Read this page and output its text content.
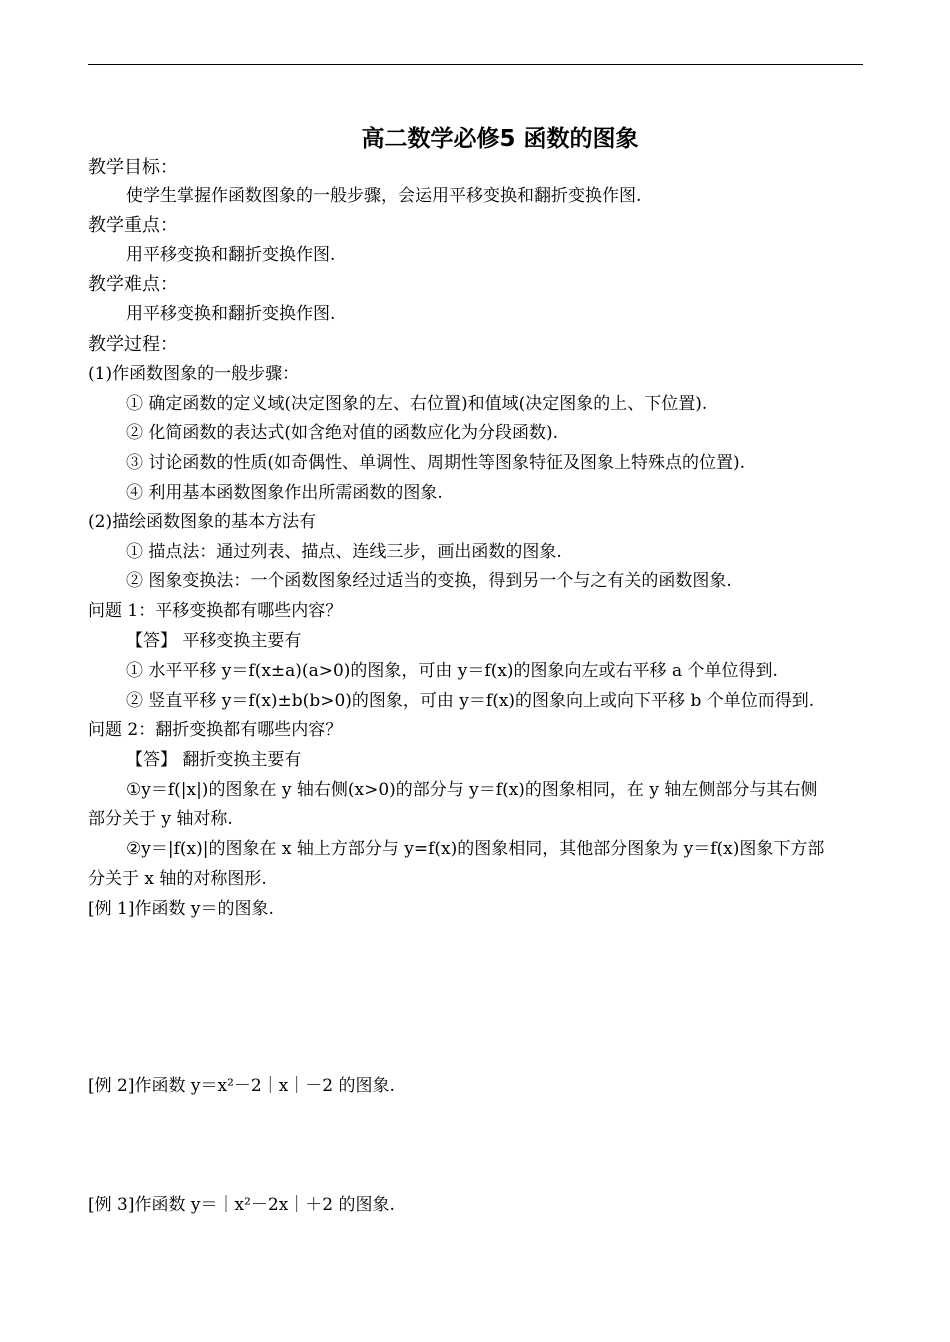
高二数学必修5 函数的图象
教学目标：
使学生掌握作函数图象的一般步骤，会运用平移变换和翻折变换作图.
教学重点：
用平移变换和翻折变换作图.
教学难点：
用平移变换和翻折变换作图.
教学过程：
(1)作函数图象的一般步骤：
① 确定函数的定义域(决定图象的左、右位置)和值域(决定图象的上、下位置).
② 化简函数的表达式(如含绝对值的函数应化为分段函数).
③ 讨论函数的性质(如奇偶性、单调性、周期性等图象特征及图象上特殊点的位置).
④ 利用基本函数图象作出所需函数的图象.
(2)描绘函数图象的基本方法有
① 描点法：通过列表、描点、连线三步，画出函数的图象.
② 图象变换法：一个函数图象经过适当的变换，得到另一个与之有关的函数图象.
问题 1：平移变换都有哪些内容？
【答】 平移变换主要有
① 水平平移 y＝f(x±a)(a>0)的图象，可由 y＝f(x)的图象向左或右平移 a 个单位得到.
② 竖直平移 y＝f(x)±b(b>0)的图象，可由 y＝f(x)的图象向上或向下平移 b 个单位而得到.
问题 2：翻折变换都有哪些内容？
【答】 翻折变换主要有
①y＝f(|x|)的图象在 y 轴右侧(x>0)的部分与 y＝f(x)的图象相同，在 y 轴左侧部分与其右侧
部分关于 y 轴对称.
②y＝|f(x)|的图象在 x 轴上方部分与 y=f(x)的图象相同，其他部分图象为 y＝f(x)图象下方部
分关于 x 轴的对称图形.
[例 1]作函数 y＝的图象.
[例 2]作函数 y＝x²－2｜x｜－2 的图象.
[例 3]作函数 y＝｜x²－2x｜＋2 的图象.
